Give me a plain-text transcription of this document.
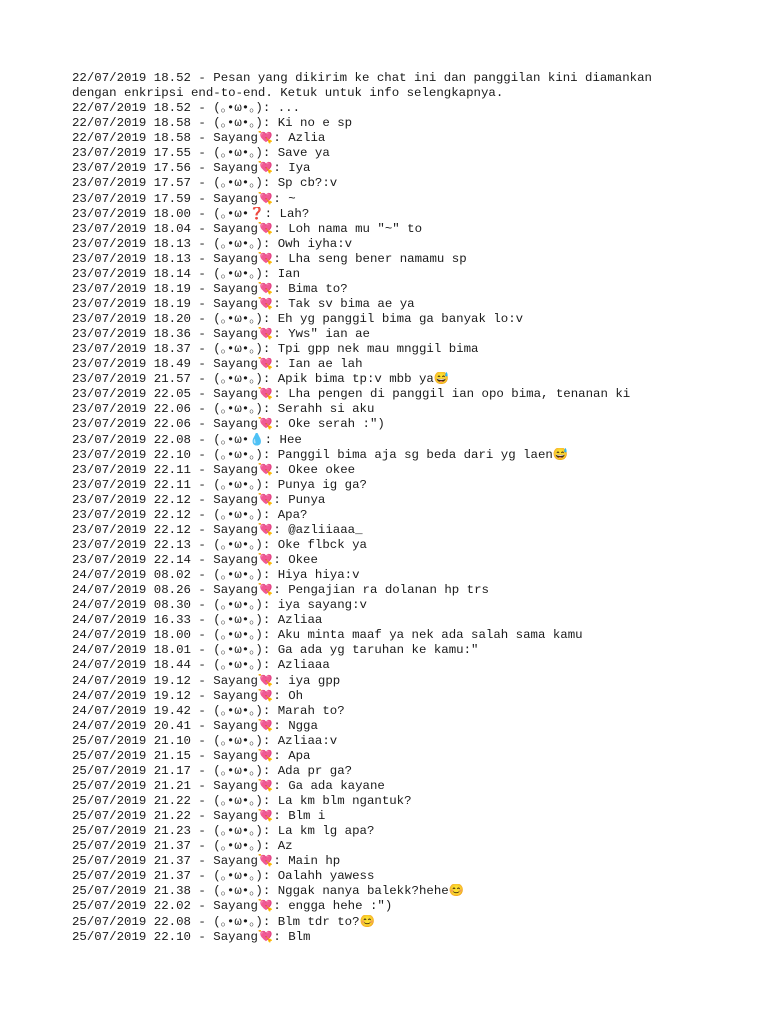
22/07/2019 18.52 - Pesan yang dikirim ke chat ini dan panggilan kini diamankan
dengan enkripsi end-to-end. Ketuk untuk info selengkapnya.
22/07/2019 18.52 - (｡•ω•｡): ...
22/07/2019 18.58 - (｡•ω•｡): Ki no e sp
22/07/2019 18.58 - Sayang💘: Azlia
23/07/2019 17.55 - (｡•ω•｡): Save ya
23/07/2019 17.56 - Sayang💘: Iya
23/07/2019 17.57 - (｡•ω•｡): Sp cb?:v
23/07/2019 17.59 - Sayang💘: ~
23/07/2019 18.00 - (｡•ω•❓: Lah?
23/07/2019 18.04 - Sayang💘: Loh nama mu "~" to
23/07/2019 18.13 - (｡•ω•｡): Owh iyha:v
23/07/2019 18.13 - Sayang💘: Lha seng bener namamu sp
23/07/2019 18.14 - (｡•ω•｡): Ian
23/07/2019 18.19 - Sayang💘: Bima to?
23/07/2019 18.19 - Sayang💘: Tak sv bima ae ya
23/07/2019 18.20 - (｡•ω•｡): Eh yg panggil bima ga banyak lo:v
23/07/2019 18.36 - Sayang💘: Yws" ian ae
23/07/2019 18.37 - (｡•ω•｡): Tpi gpp nek mau mnggil bima
23/07/2019 18.49 - Sayang💘: Ian ae lah
23/07/2019 21.57 - (｡•ω•｡): Apik bima tp:v mbb ya😅
23/07/2019 22.05 - Sayang💘: Lha pengen di panggil ian opo bima, tenanan ki
23/07/2019 22.06 - (｡•ω•｡): Serahh si aku
23/07/2019 22.06 - Sayang💘: Oke serah :")
23/07/2019 22.08 - (｡•ω•💧: Hee
23/07/2019 22.10 - (｡•ω•｡): Panggil bima aja sg beda dari yg laen😅
23/07/2019 22.11 - Sayang💘: Okee okee
23/07/2019 22.11 - (｡•ω•｡): Punya ig ga?
23/07/2019 22.12 - Sayang💘: Punya
23/07/2019 22.12 - (｡•ω•｡): Apa?
23/07/2019 22.12 - Sayang💘: @azliiaaa_
23/07/2019 22.13 - (｡•ω•｡): Oke flbck ya
23/07/2019 22.14 - Sayang💘: Okee
24/07/2019 08.02 - (｡•ω•｡): Hiya hiya:v
24/07/2019 08.26 - Sayang💘: Pengajian ra dolanan hp trs
24/07/2019 08.30 - (｡•ω•｡): iya sayang:v
24/07/2019 16.33 - (｡•ω•｡): Azliaa
24/07/2019 18.00 - (｡•ω•｡): Aku minta maaf ya nek ada salah sama kamu
24/07/2019 18.01 - (｡•ω•｡): Ga ada yg taruhan ke kamu:"
24/07/2019 18.44 - (｡•ω•｡): Azliaaa
24/07/2019 19.12 - Sayang💘: iya gpp
24/07/2019 19.12 - Sayang💘: Oh
24/07/2019 19.42 - (｡•ω•｡): Marah to?
24/07/2019 20.41 - Sayang💘: Ngga
25/07/2019 21.10 - (｡•ω•｡): Azliaa:v
25/07/2019 21.15 - Sayang💘: Apa
25/07/2019 21.17 - (｡•ω•｡): Ada pr ga?
25/07/2019 21.21 - Sayang💘: Ga ada kayane
25/07/2019 21.22 - (｡•ω•｡): La km blm ngantuk?
25/07/2019 21.22 - Sayang💘: Blm i
25/07/2019 21.23 - (｡•ω•｡): La km lg apa?
25/07/2019 21.37 - (｡•ω•｡): Az
25/07/2019 21.37 - Sayang💘: Main hp
25/07/2019 21.37 - (｡•ω•｡): Oalahh yawess
25/07/2019 21.38 - (｡•ω•｡): Nggak nanya balekk?hehe😊
25/07/2019 22.02 - Sayang💘: engga hehe :")
25/07/2019 22.08 - (｡•ω•｡): Blm tdr to?😊
25/07/2019 22.10 - Sayang💘: Blm
